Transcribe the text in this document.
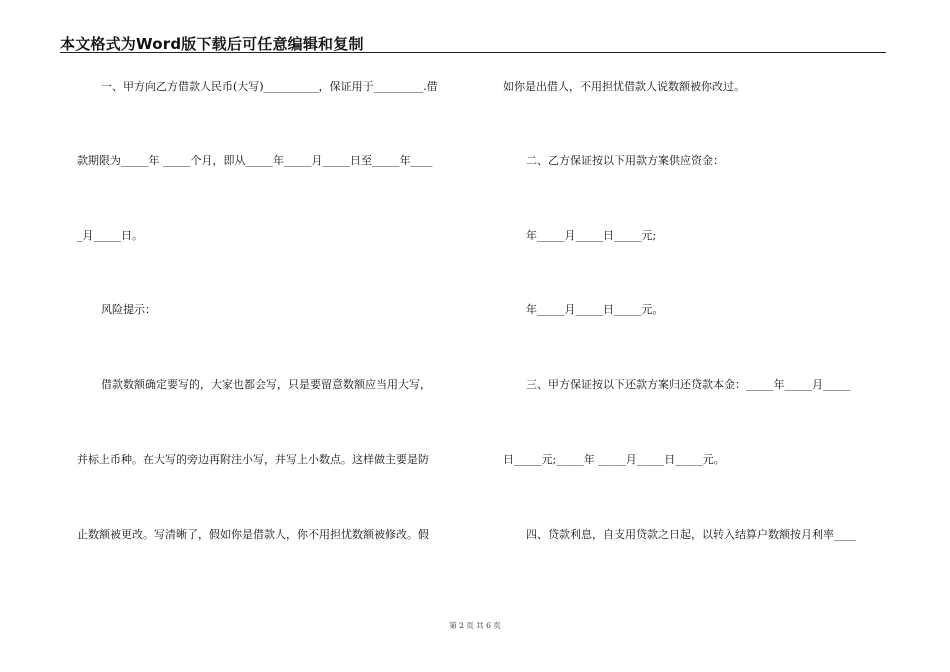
本文格式为Word版下载后可任意编辑和复制
一、甲方向乙方借款人民币(大写)__________，保证用于_________.借
款期限为_____年 _____个月，即从_____年_____月_____日至_____年____
_月_____日。
风险提示：
借款数额确定要写的，大家也都会写，只是要留意数额应当用大写，
并标上币种。在大写的旁边再附注小写，并写上小数点。这样做主要是防
止数额被更改。写清晰了，假如你是借款人，你不用担忧数额被修改。假
如你是出借人，不用担忧借款人说数额被你改过。
二、乙方保证按以下用款方案供应资金：
年_____月_____日_____元;
年_____月_____日_____元。
三、甲方保证按以下还款方案归还贷款本金：_____年_____月_____
日_____元;_____年 _____月_____日_____元。
四、贷款利息，自支用贷款之日起，以转入结算户数额按月利率____
第 2 页 共 6 页
